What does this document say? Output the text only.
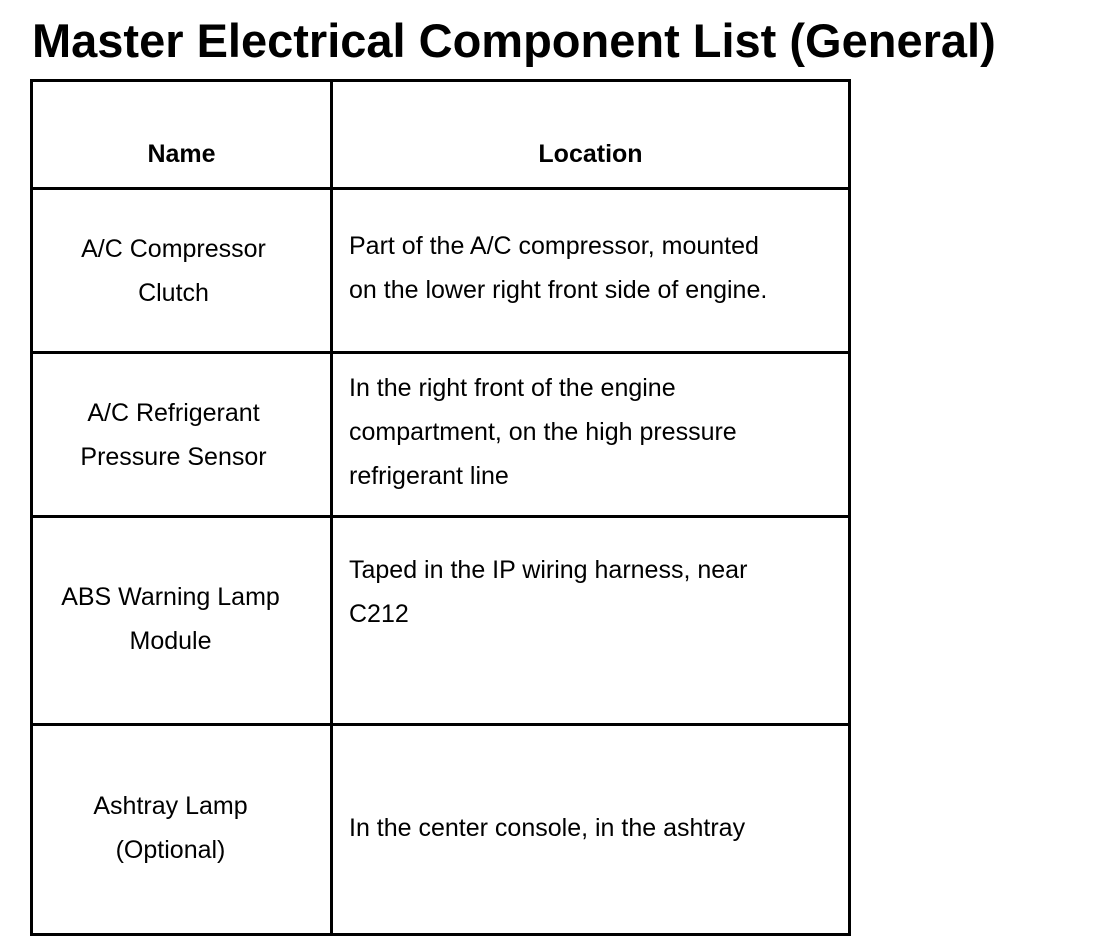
Master Electrical Component List (General)
Name	Location
A/C Compressor Clutch	Part of the A/C compressor, mounted on the lower right front side of engine.

A/C Refrigerant Pressure Sensor	In the right front of the engine compartment, on the high pressure refrigerant line

ABS Warning Lamp Module	Taped in the IP wiring harness, near C212

Ashtray Lamp (Optional)	In the center console, in the ashtray
